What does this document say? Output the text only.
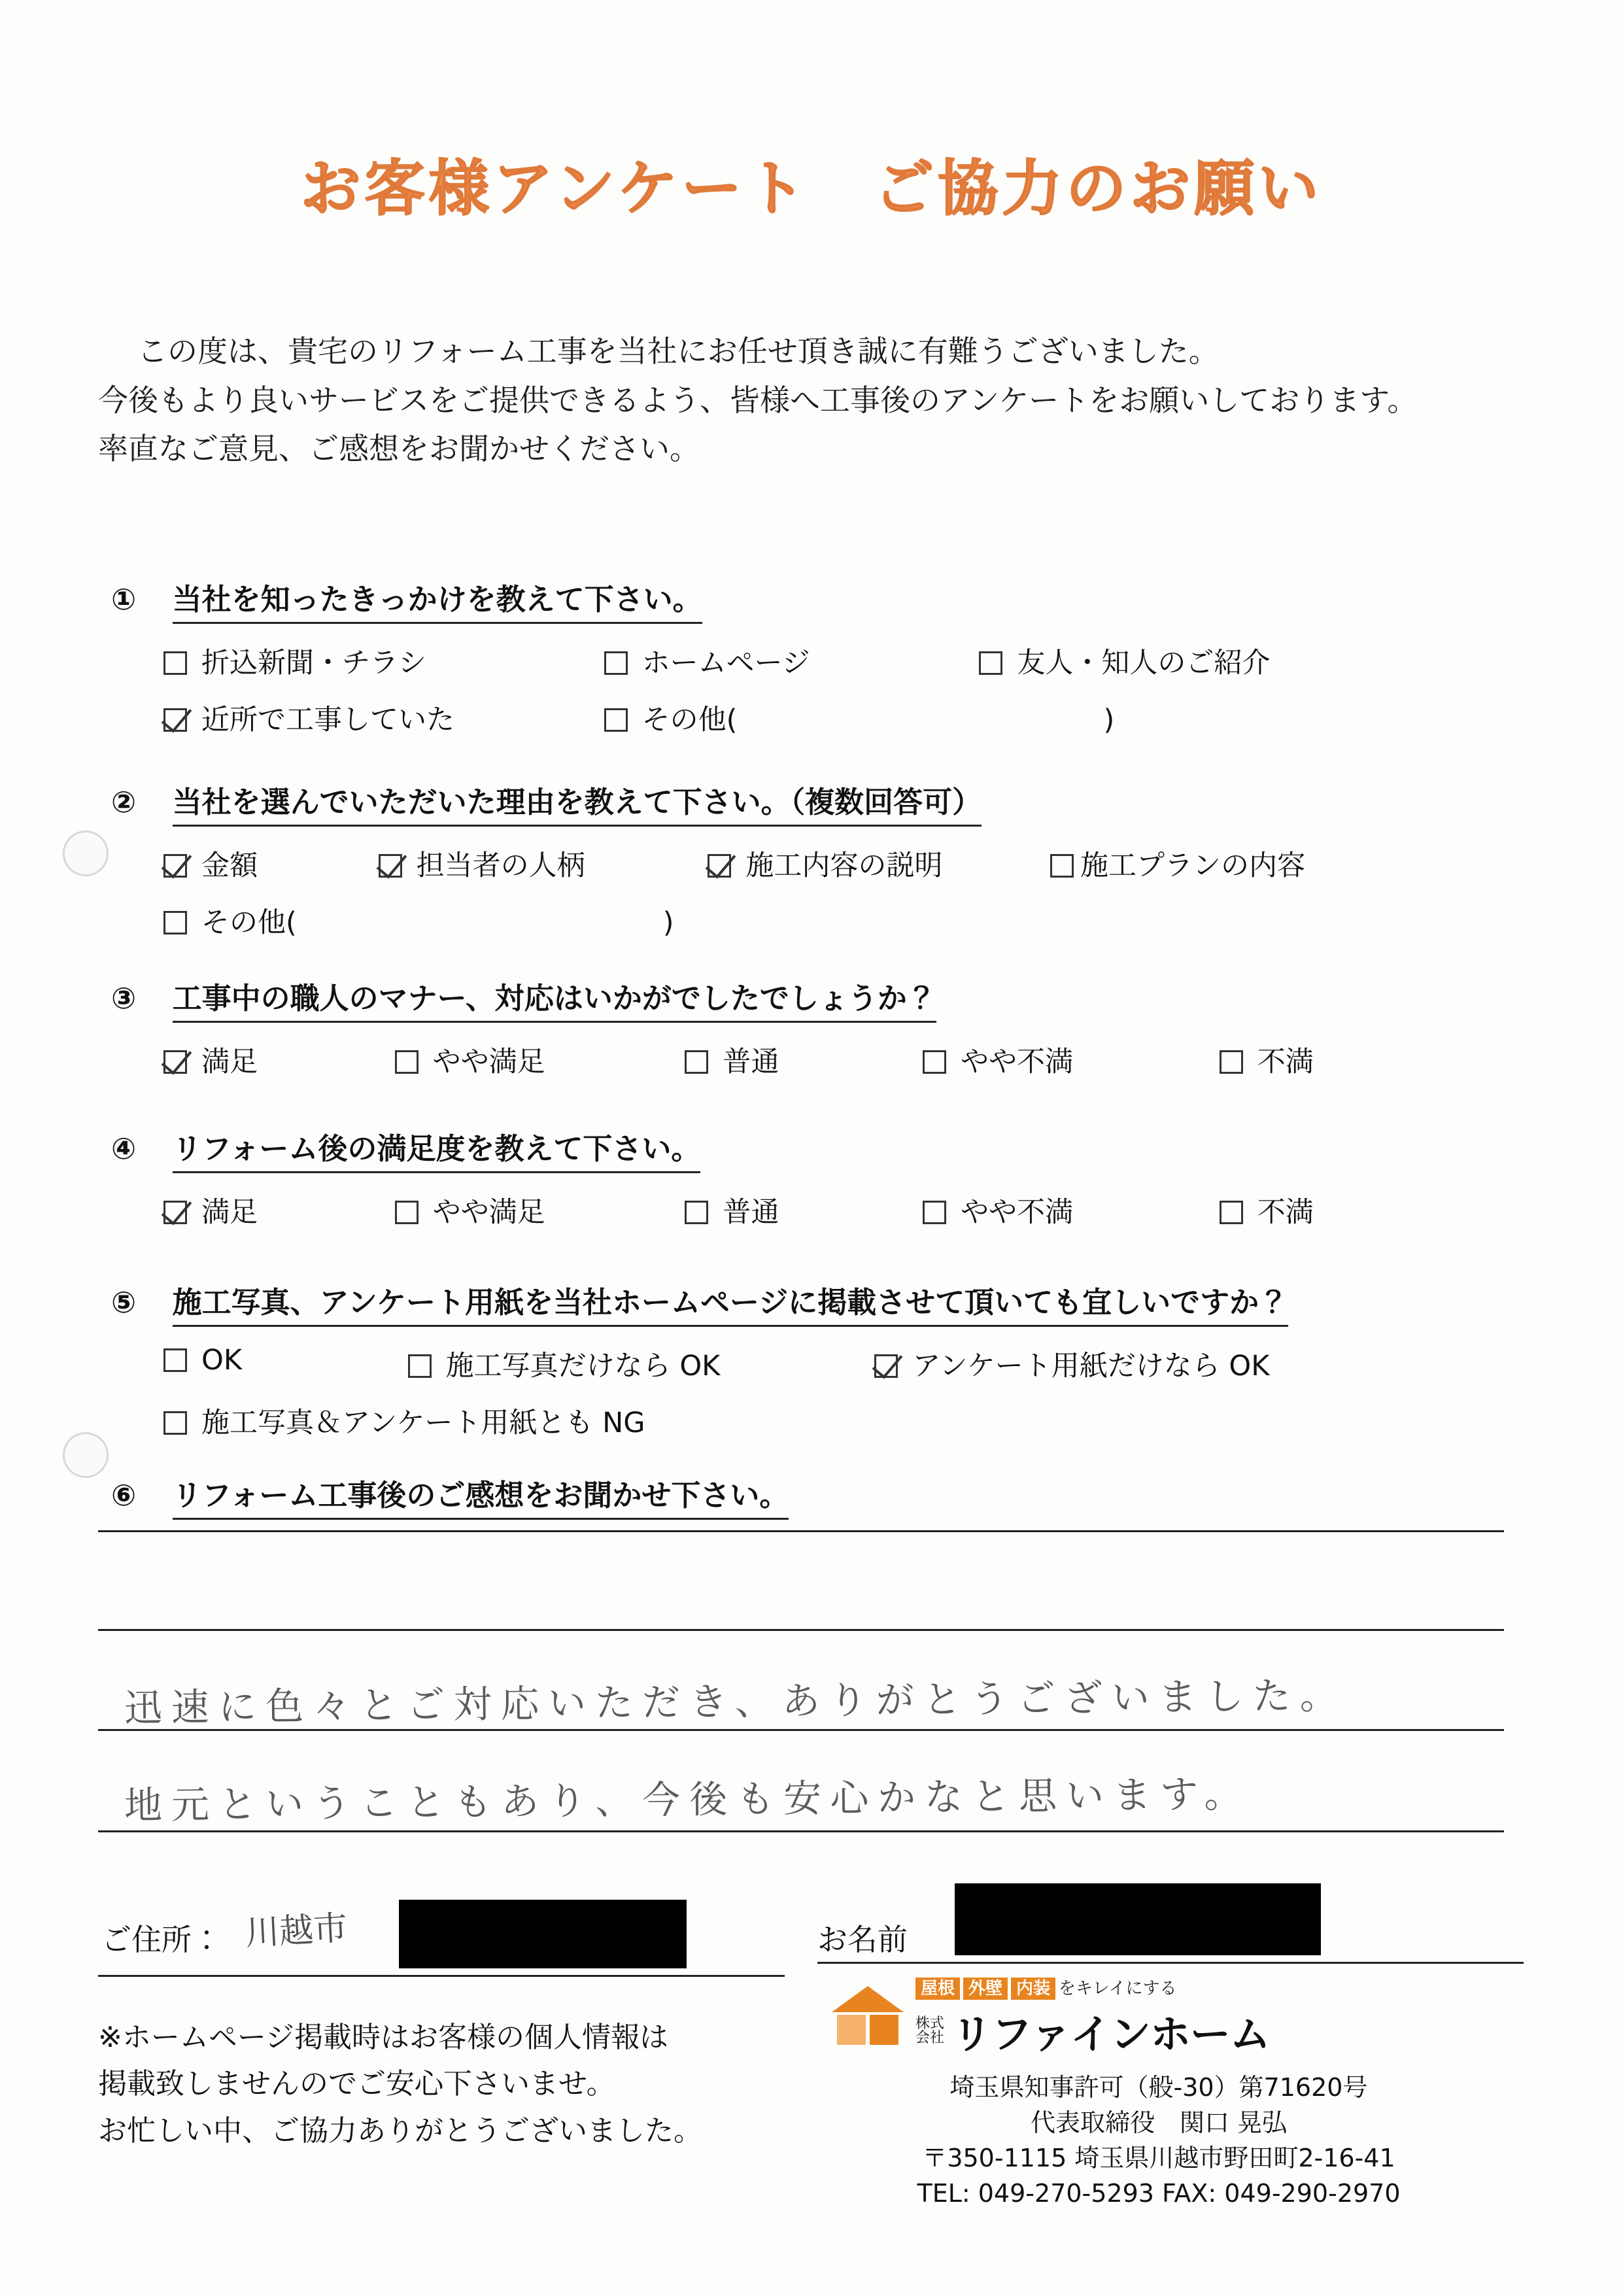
お客様アンケート　ご協力のお願い
この度は、貴宅のリフォーム工事を当社にお任せ頂き誠に有難うございました。
今後もより良いサービスをご提供できるよう、皆様へ工事後のアンケートをお願いしております。
率直なご意見、ご感想をお聞かせください。
① 当社を知ったきっかけを教えて下さい。
折込新聞・チラシ	ホームページ	友人・知人のご紹介
近所で工事していた	その他(	)
② 当社を選んでいただいた理由を教えて下さい。（複数回答可）
金額	担当者の人柄	施工内容の説明	施工プランの内容
その他(	)
③ 工事中の職人のマナー、対応はいかがでしたでしょうか？
満足	やや満足	普通	やや不満	不満
④ リフォーム後の満足度を教えて下さい。
満足	やや満足	普通	やや不満	不満
⑤ 施工写真、アンケート用紙を当社ホームページに掲載させて頂いても宜しいですか？
OK	施工写真だけなら OK	アンケート用紙だけなら OK
施工写真＆アンケート用紙とも NG
⑥ リフォーム工事後のご感想をお聞かせ下さい。
迅速に色々とご対応いただき、ありがとうございました。
地元ということもあり、今後も安心かなと思います。
ご住所： 川越市	お名前
※ホームページ掲載時はお客様の個人情報は
掲載致しませんのでご安心下さいませ。
お忙しい中、ご協力ありがとうございました。
屋根 外壁 内装 をキレイにする
株式
会社 リファインホーム
埼玉県知事許可（般-30）第71620号
代表取締役　関口 晃弘
〒350-1115 埼玉県川越市野田町2-16-41
TEL: 049-270-5293 FAX: 049-290-2970
